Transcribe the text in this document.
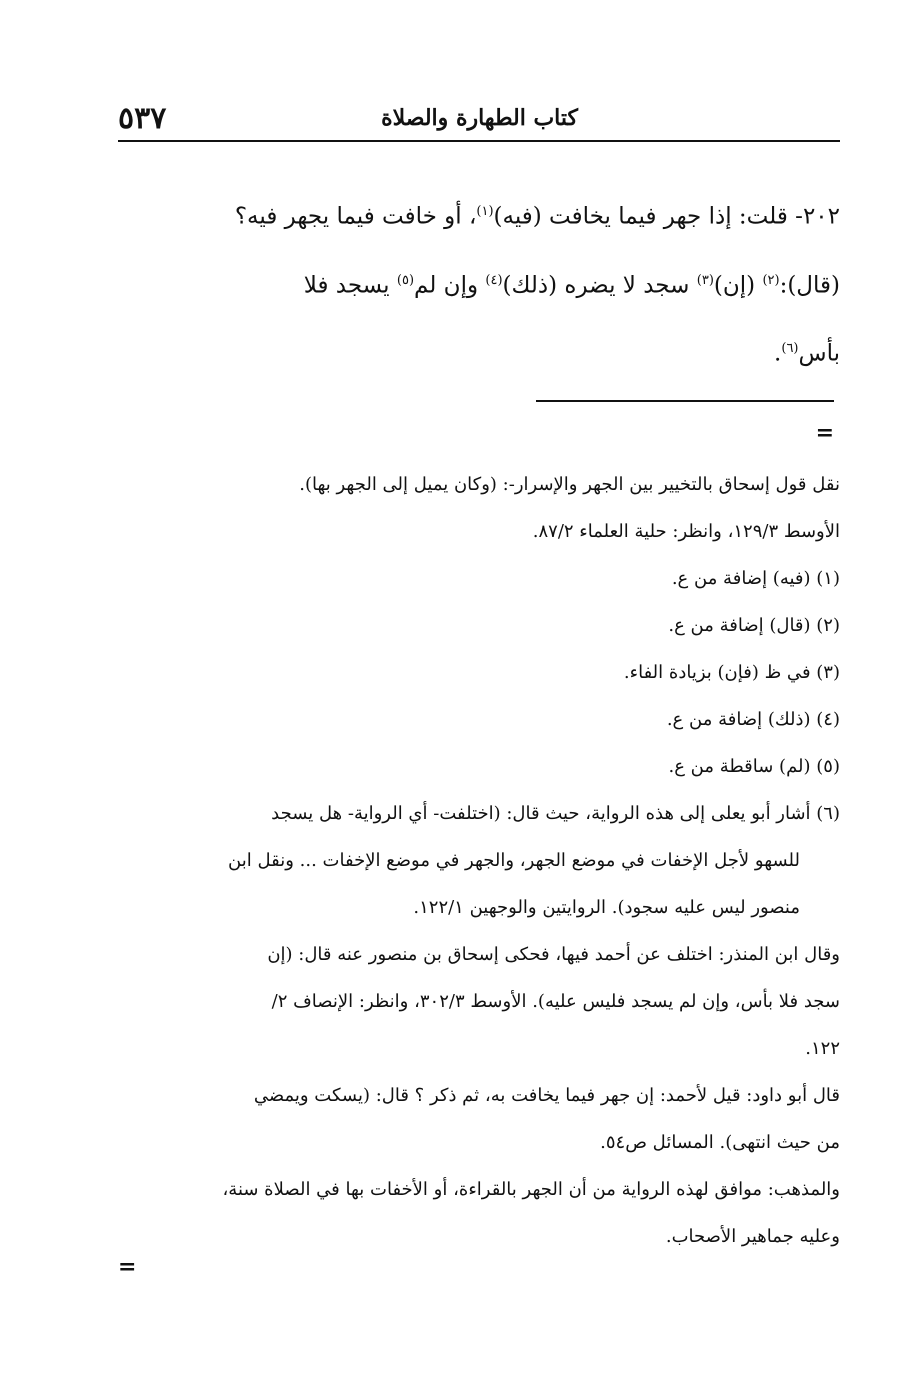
٥٣٧	كتاب الطهارة والصلاة

٢٠٢- قلت: إذا جهر فيما يخافت (فيه)$^{(١)}$، أو خافت فيما يجهر فيه؟

(قال):$^{(٢)}$ (إن)$^{(٣)}$ سجد لا يضره (ذلك)$^{(٤)}$ وإن لم$^{(٥)}$ يسجد فلا
بأس$^{(٦)}$.

=

نقل قول إسحاق بالتخيير بين الجهر والإسرار-: (وكان يميل إلى الجهر بها).

الأوسط ١٢٩/٣، وانظر: حلية العلماء ٨٧/٢.

(١) (فيه) إضافة من ع.

(٢) (قال) إضافة من ع.

(٣) في ظ (فإن) بزيادة الفاء.

(٤) (ذلك) إضافة من ع.

(٥) (لم) ساقطة من ع.

(٦) أشار أبو يعلى إلى هذه الرواية، حيث قال: (اختلفت- أي الرواية- هل يسجد

للسهو لأجل الإخفات في موضع الجهر، والجهر في موضع الإخفات ... ونقل ابن

منصور ليس عليه سجود). الروايتين والوجهين ١٢٢/١.

وقال ابن المنذر: اختلف عن أحمد فيها، فحكى إسحاق بن منصور عنه قال: (إن

سجد فلا بأس، وإن لم يسجد فليس عليه). الأوسط ٣٠٢/٣، وانظر: الإنصاف ٢/

١٢٢.

قال أبو داود: قيل لأحمد: إن جهر فيما يخافت به، ثم ذكر ؟ قال: (يسكت ويمضي

من حيث انتهى). المسائل ص٥٤.

والمذهب: موافق لهذه الرواية من أن الجهر بالقراءة، أو الأخفات بها في الصلاة سنة،

وعليه جماهير الأصحاب.

=
